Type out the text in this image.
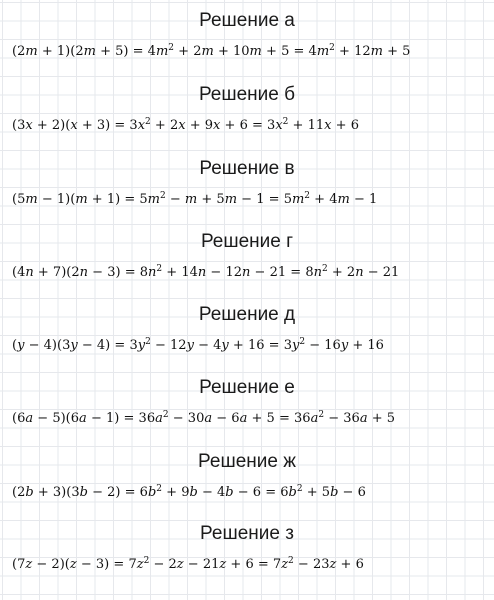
Решение а
$(2m + 1)(2m + 5) = 4m^2 + 2m + 10m + 5 = 4m^2 + 12m + 5$
Решение б
$(3x + 2)(x + 3) = 3x^2 + 2x + 9x + 6 = 3x^2 + 11x + 6$
Решение в
$(5m - 1)(m + 1) = 5m^2 - m + 5m - 1 = 5m^2 + 4m - 1$
Решение г
$(4n + 7)(2n - 3) = 8n^2 + 14n - 12n - 21 = 8n^2 + 2n - 21$
Решение д
$(y - 4)(3y - 4) = 3y^2 - 12y - 4y + 16 = 3y^2 - 16y + 16$
Решение е
$(6a - 5)(6a - 1) = 36a^2 - 30a - 6a + 5 = 36a^2 - 36a + 5$
Решение ж
$(2b + 3)(3b - 2) = 6b^2 + 9b - 4b - 6 = 6b^2 + 5b - 6$
Решение з
$(7z - 2)(z - 3) = 7z^2 - 2z - 21z + 6 = 7z^2 - 23z + 6$
